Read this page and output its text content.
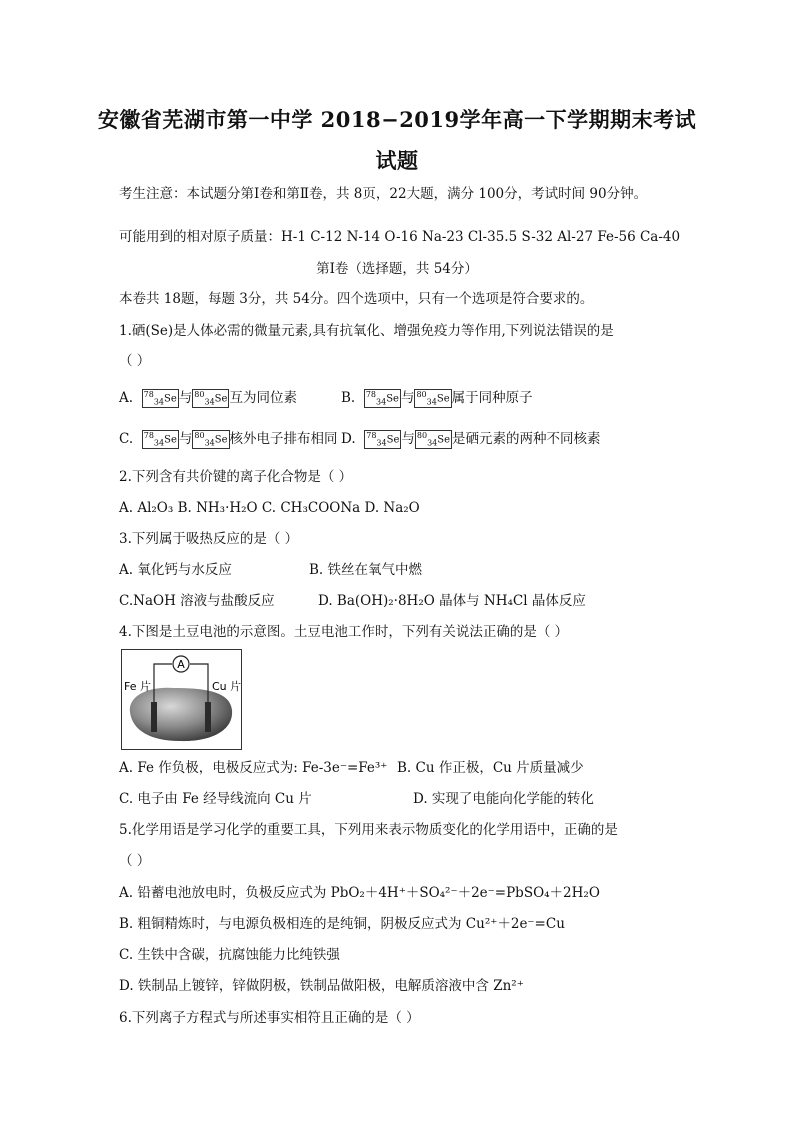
安徽省芜湖市第一中学 2018−2019学年高一下学期期末考试
试题
考生注意：本试题分第Ⅰ卷和第Ⅱ卷，共 8页，22大题，满分 100分，考试时间 90分钟。
可能用到的相对原子质量：H-1 C-12 N-14 O-16 Na-23 Cl-35.5 S-32 Al-27 Fe-56 Ca-40
第Ⅰ卷（选择题，共 54分）
本卷共 18题，每题 3分，共 54分。四个选项中，只有一个选项是符合要求的。
1.硒(Se)是人体必需的微量元素,具有抗氧化、增强免疫力等作用,下列说法错误的是
（ ）
A. $^{78}_{34}$Se 与 $^{80}_{34}$Se 互为同位素	B. $^{78}_{34}$Se 与 $^{80}_{34}$Se 属于同种原子
C. $^{78}_{34}$Se 与 $^{80}_{34}$Se 核外电子排布相同 D. $^{78}_{34}$Se 与 $^{80}_{34}$Se 是硒元素的两种不同核素
2.下列含有共价键的离子化合物是（ ）
A. Al₂O₃ B. NH₃·H₂O C. CH₃COONa D. Na₂O
3.下列属于吸热反应的是（ ）
A. 氧化钙与水反应	B. 铁丝在氧气中燃
C.NaOH 溶液与盐酸反应	D. Ba(OH)₂·8H₂O 晶体与 NH₄Cl 晶体反应
4.下图是土豆电池的示意图。土豆电池工作时，下列有关说法正确的是（ ）
A
Fe 片	Cu 片
A. Fe 作负极，电极反应式为: Fe-3e⁻=Fe³⁺ B. Cu 作正极，Cu 片质量减少
C. 电子由 Fe 经导线流向 Cu 片	D. 实现了电能向化学能的转化
5.化学用语是学习化学的重要工具，下列用来表示物质变化的化学用语中，正确的是
（ ）
A. 铅蓄电池放电时，负极反应式为 PbO₂＋4H⁺＋SO₄²⁻＋2e⁻=PbSO₄＋2H₂O
B. 粗铜精炼时，与电源负极相连的是纯铜，阴极反应式为 Cu²⁺＋2e⁻=Cu
C. 生铁中含碳，抗腐蚀能力比纯铁强
D. 铁制品上镀锌，锌做阴极，铁制品做阳极，电解质溶液中含 Zn²⁺
6.下列离子方程式与所述事实相符且正确的是（ ）
